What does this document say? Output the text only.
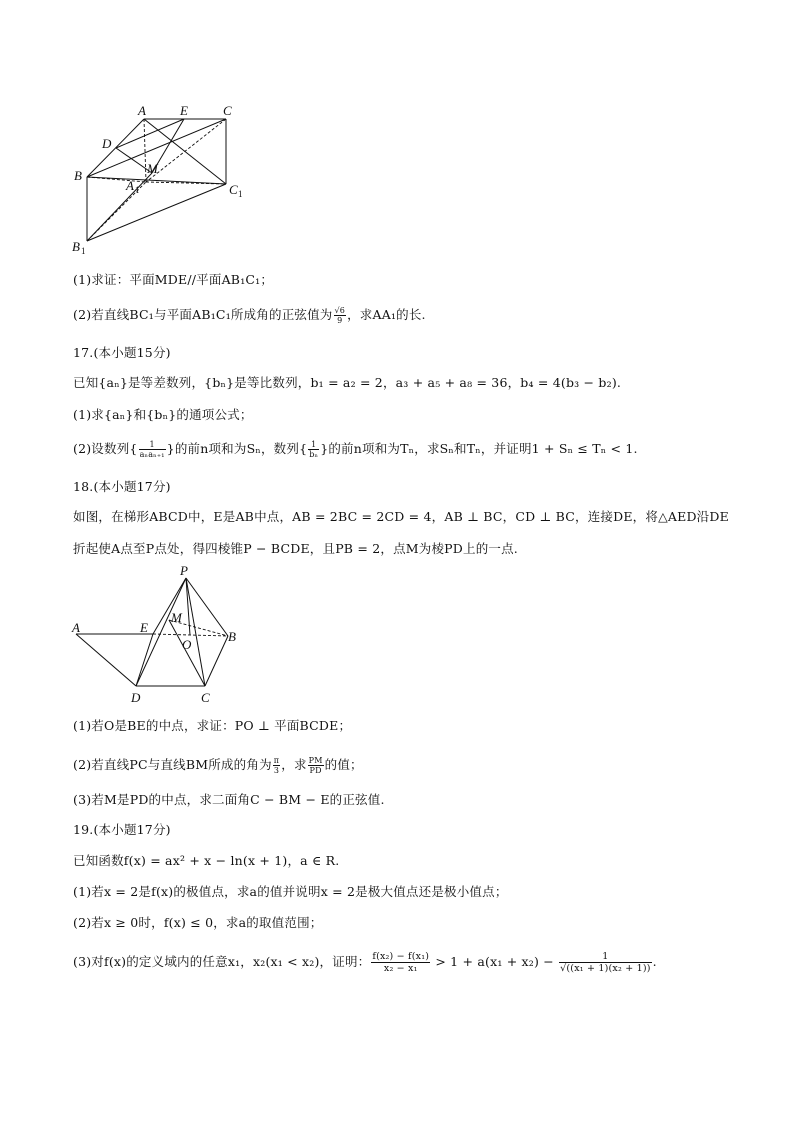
A	E	C
D
M
B
A 1	C 1
B 1
(1)求证：平面MDE//平面AB₁C₁；
(2)若直线BC₁与平面AB₁C₁所成角的正弦值为 $\frac{√6}{9}$ ，求AA₁的长.
17.(本小题15分)
已知{aₙ}是等差数列，{bₙ}是等比数列，b₁ = a₂ = 2，a₃ + a₅ + a₈ = 36，b₄ = 4(b₃ − b₂).
(1)求{aₙ}和{bₙ}的通项公式；
(2)设数列{ $\frac{1}{\text{aₙaₙ₊₁}}$ }的前n项和为Sₙ，数列{ $\frac{1}{\text{bₙ}}$ }的前n项和为Tₙ，求Sₙ和Tₙ，并证明1 + Sₙ ≤ Tₙ < 1.
18.(本小题17分)
如图，在梯形ABCD中，E是AB中点，AB = 2BC = 2CD = 4，AB ⊥ BC，CD ⊥ BC，连接DE，将△AED沿DE
折起使A点至P点处，得四棱锥P − BCDE，且PB = 2，点M为棱PD上的一点.
P
M
A	E
O
B
D	C
(1)若O是BE的中点，求证：PO ⊥ 平面BCDE；
(2)若直线PC与直线BM所成的角为 $\frac{\pi}{3}$ ，求 $\frac{PM}{PD}$ 的值；
(3)若M是PD的中点，求二面角C − BM − E的正弦值.
19.(本小题17分)
已知函数f(x) = ax² + x − ln(x + 1)，a ∈ R.
(1)若x = 2是f(x)的极值点，求a的值并说明x = 2是极大值点还是极小值点；
(2)若x ≥ 0时，f(x) ≤ 0，求a的取值范围；
(3)对f(x)的定义域内的任意x₁，x₂(x₁ < x₂)，证明： $\frac{\text{f(x₂) − f(x₁)}}{\text{x₂ − x₁}} > 1 + a(x_1 + x_2) - \frac{1}{\text{√((x₁ + 1)(x₂ + 1))}}$ .
